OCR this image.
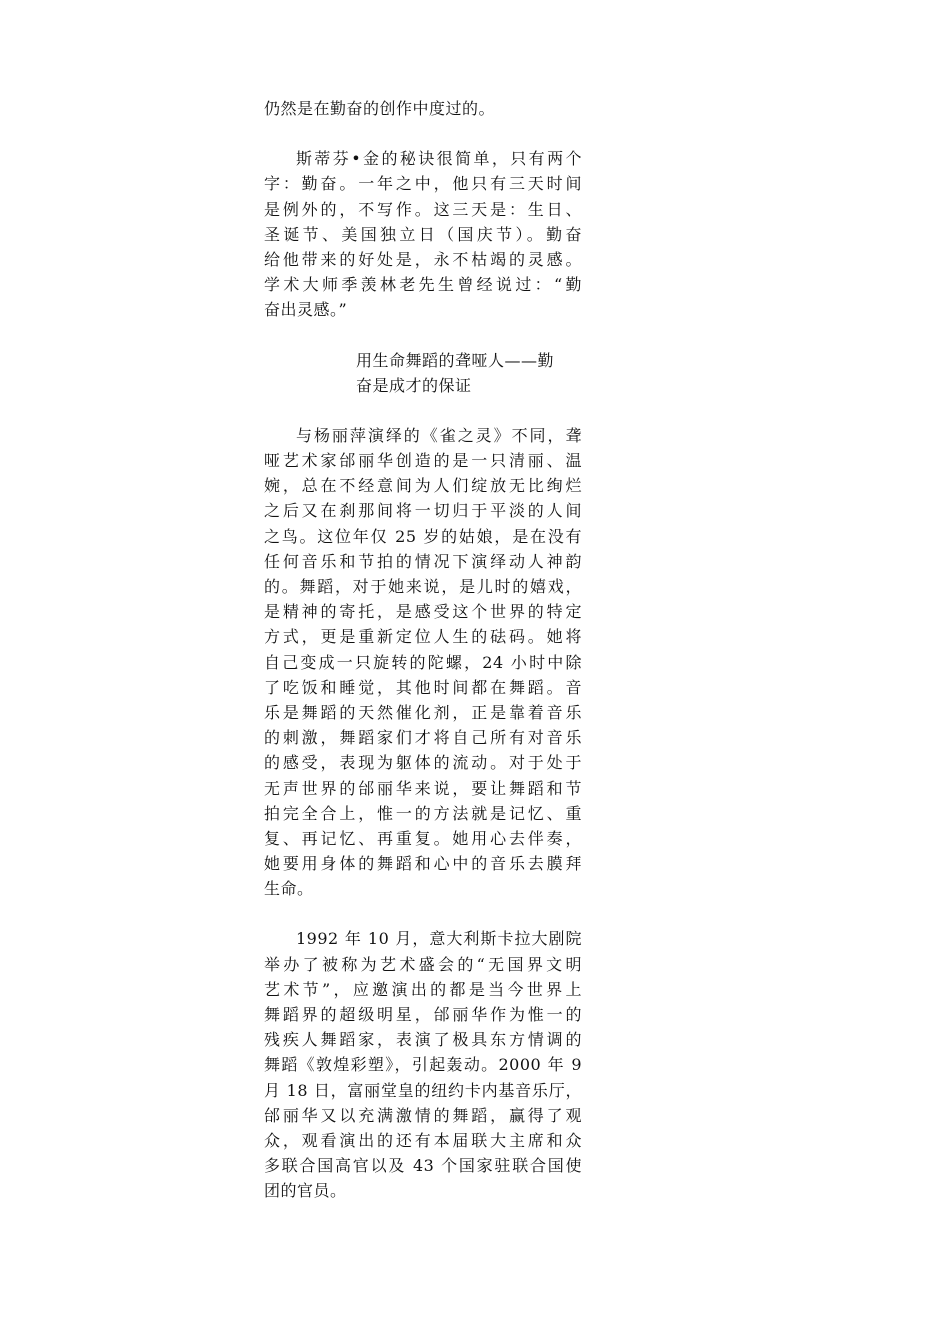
仍然是在勤奋的创作中度过的。
斯蒂芬•金的秘诀很简单，只有两个
字：勤奋。一年之中，他只有三天时间
是例外的，不写作。这三天是：生日、
圣诞节、美国独立日（国庆节）。勤奋
给他带来的好处是，永不枯竭的灵感。
学术大师季羡林老先生曾经说过：“勤
奋出灵感。”
用生命舞蹈的聋哑人——勤
奋是成才的保证
与杨丽萍演绎的《雀之灵》不同，聋
哑艺术家邰丽华创造的是一只清丽、温
婉，总在不经意间为人们绽放无比绚烂
之后又在刹那间将一切归于平淡的人间
之鸟。这位年仅 25 岁的姑娘，是在没有
任何音乐和节拍的情况下演绎动人神韵
的。舞蹈，对于她来说，是儿时的嬉戏，
是精神的寄托，是感受这个世界的特定
方式，更是重新定位人生的砝码。她将
自己变成一只旋转的陀螺，24 小时中除
了吃饭和睡觉，其他时间都在舞蹈。音
乐是舞蹈的天然催化剂，正是靠着音乐
的刺激，舞蹈家们才将自己所有对音乐
的感受，表现为躯体的流动。对于处于
无声世界的邰丽华来说，要让舞蹈和节
拍完全合上，惟一的方法就是记忆、重
复、再记忆、再重复。她用心去伴奏，
她要用身体的舞蹈和心中的音乐去膜拜
生命。
1992 年 10 月，意大利斯卡拉大剧院
举办了被称为艺术盛会的“无国界文明
艺术节”，应邀演出的都是当今世界上
舞蹈界的超级明星，邰丽华作为惟一的
残疾人舞蹈家，表演了极具东方情调的
舞蹈《敦煌彩塑》，引起轰动。2000 年 9
月 18 日，富丽堂皇的纽约卡内基音乐厅，
邰丽华又以充满激情的舞蹈，赢得了观
众，观看演出的还有本届联大主席和众
多联合国高官以及 43 个国家驻联合国使
团的官员。
